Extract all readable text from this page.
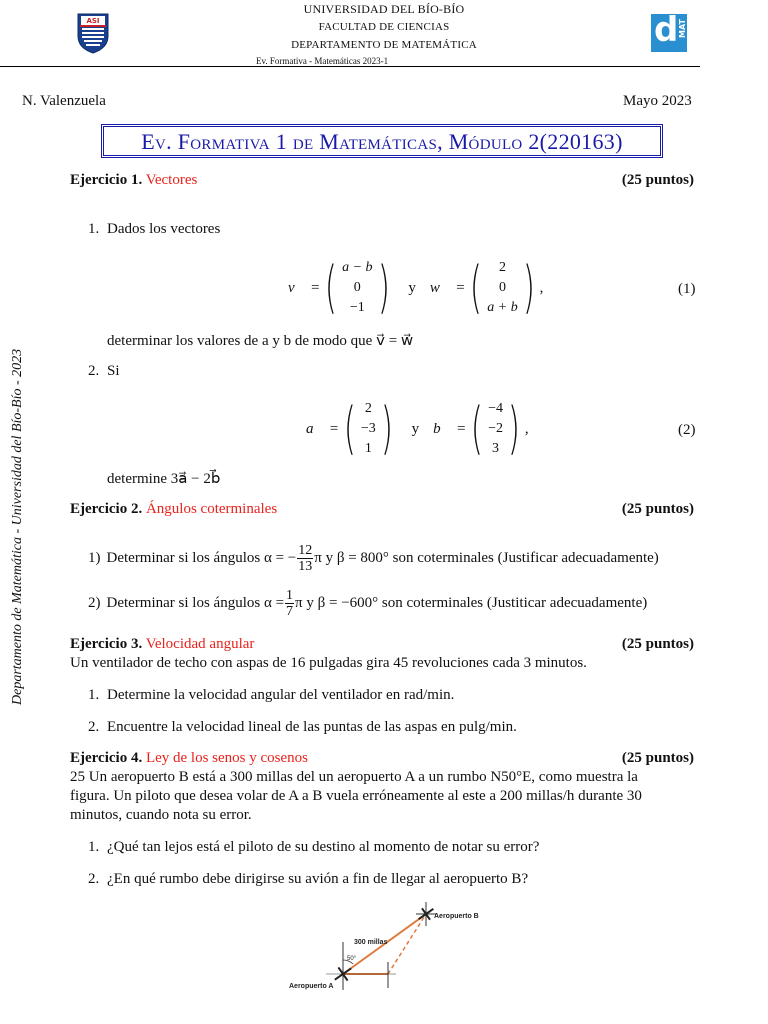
ASI
UNIVERSIDAD DEL BÍO-BÍO
FACULTAD DE CIENCIAS
DEPARTAMENTO DE MATEMÁTICA
Ev. Formativa - Matemáticas 2023-1
d MAT
N. Valenzuela	Mayo 2023
Ev. Formativa 1 de Matemáticas, Módulo 2(220163)
Departamento de Matemática - Universidad del Bío-Bío - 2023
Ejercicio 1. Vectores	(25 puntos)
1. Dados los vectores
v⃗ = ( a − b
0
−1 ) y w⃗ = ( 2
0
a + b ) ,	(1)
determinar los valores de a y b de modo que v⃗ = w⃗
2. Si
a⃗ = ( 2
−3
1 ) y b⃗ = ( −4
−2
3 ) ,	(2)
determine 3a⃗ − 2b⃗
Ejercicio 2. Ángulos coterminales	(25 puntos)
1) Determinar si los ángulos α = − $\frac{12}{13}$ π y β = 800° son coterminales (Justificar adecuadamente)
2) Determinar si los ángulos $\alpha = \frac{1}{7}$ π y β = −600° son coterminales (Justiticar adecuadamente)
Ejercicio 3. Velocidad angular	(25 puntos)
Un ventilador de techo con aspas de 16 pulgadas gira 45 revoluciones cada 3 minutos.
1. Determine la velocidad angular del ventilador en rad/min.
2. Encuentre la velocidad lineal de las puntas de las aspas en pulg/min.
Ejercicio 4. Ley de los senos y cosenos	(25 puntos)
25 Un aeropuerto B está a 300 millas del un aeropuerto A a un rumbo N50°E, como muestra la
figura. Un piloto que desea volar de A a B vuela erróneamente al este a 200 millas/h durante 30
minutos, cuando nota su error.
1. ¿Qué tan lejos está el piloto de su destino al momento de notar su error?
2. ¿En qué rumbo debe dirigirse su avión a fin de llegar al aeropuerto B?
Aeropuerto B
Aeropuerto A
300 millas
50°
